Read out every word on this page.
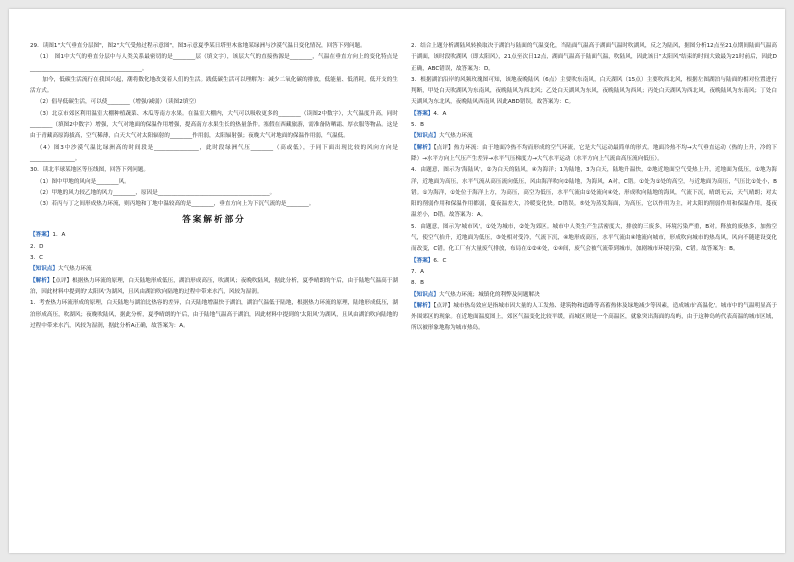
29．读图1"大气垂直分层图"，图2"大气受热过程示意图"，图3示意夏季某日塔里木盆地某绿洲与沙漠气温日变化情况，回答下列问题。

（1）　图1中大气的垂直分层中与人类关系最密切的是________层（填文字），该层大气的直接热源是________，气温在垂直方向上的变化特点是________________________________________。

　加今，低碳生活流行在我国兴起，潮将数化地改变着人们的生活。践低碳生活可以理解为：减少二氧化碳的排放，低能量、低消耗，低开支的生活方式。

（2）倡导低碳生活，可以使________（增强/减弱）（读图2填空）

（3）北京市郊区利用温室大棚种植蔬菜、木瓜等南方水果。在温室大棚内，大气可以吸收更多的________（读图2中数字），大气温度升高，同时________（填图2中数字）增强，大气对地面的保温作用增强，提高南方水果生长的热量条件。塞假在西藏旅游，需准备防晒霜、厚衣服等物品。这是由于青藏高原海拔高，空气稀薄，白天大气对太阳辐射的________作用弱，太阳辐射强；夜晚大气对地面的保温作用弱，气温低。

（4）图3中沙漠气温比绿洲高的时间段是________________，此时段绿洲气压________（高或低），于同下面出现比较的风向方向是________________。

30．读北半球某地区等压线图，回答下列问题。

（1）图中甲地的风向是________风。

（2）甲地的风力较乙地的风力________，原因是________________________________________。

（3）若丙与丁之间形成热力环流，则丙地和丁地中温较高的是________，垂直方向上为下沉气流的是________。

答案解析部分

【答案】1．A

2．D

3．C

【知识点】大气热力环流

【解析】【点评】根据热力环流的原理，白天陆地形成低压，湖泊形成高压，吹湖风；夜晚吹陆风，据此分析，夏季晴朗的午后，由于陆地气温高于湖泊，因此材料中提到的'太阳风'为湖风，且风由湖泊吹向陆地的过程中带来水汽，风较为湿润。

1．考查热力环流形成的原理，白天陆地与湖泊比热容的差异，白天陆地增温快于湖泊，湖泊气温低于陆地，根据热力环流的原理，陆地形成低压，湖泊形成高压，吹湖风；夜晚吹陆风，据此分析，夏季晴朗的午后，由于陆地气温高于湖泊，因此材料中提到的'太阳风'为湖风，且风由湖泊吹向陆地的过程中带来水汽，风较为湿润，据此分析A正确，故答案为：A。

2．结合上题分析湖陆风转换取决于湖泊与陆面的气温变化，当陆面气温高于湖面气温时吹湖风，反之为陆风，据图分析12点至21点期间陆面气温高于湖面，该时段吹湖风（即太阳风），21点至次日12点，湖面气温高于陆面气温，吹陆风，因此该日"太阳风"结束的时间大致最为21时前后，因此D正确，ABC错误，故答案为：D。

3．根据湖泊沿岸的风频玫瑰图可知，该地夜晚陆风（6点）主要吹东南风，白天湖风（15点）主要吹西北风，根据左图湖泊与陆面的相对位置进行判断，甲处白天吹湖风为东南风，夜晚陆风为西北风；乙处白天湖风为东风，夜晚陆风为西风；丙处白天湖风为西北风，夜晚陆风为东南风；丁处白天湖风为东北风，夜晚陆风西南风 因此ABD错误，故答案为：C。

【答案】4．A

5．B

【知识点】大气热力环流

【解析】【点评】热力环流：由于地面冷热不均而形成的空气环流，它是大气运动最简单的形式。地面冷热不均→大气垂直运动（热的上升，冷的下降）→水平方向上气压产生差异→水平气压梯度力→大气水平运动（水平方向上气流由高压流向低压）。

4．由题意，图示为'海陆风'，②为白天的陆风，④为海洋；1为陆地，3为白天，陆地升温快，②地近地面空气受热上升，近地面为低压，①地为海洋，近地面为高压，水平气流从高压流向低压，风由海洋吹向②陆地，为海风，A对，C错。①处为①处的高空，与近地面为高压，气压比①处小，B错。①为海洋，①处位于海洋上方，为高压，高空为低压，水平气流由①处流向④处，形成吹向陆地的海风，气流下沉，晴朗无云，天气晴朗；对太阳的削弱作用和保温作用都弱，蔓夜温差大，冷暖变化快。D错误。⑤处为蒸发海面，为高压，它以作用为主，对太阳的削弱作用和保温作用，蔓夜温差小，D错。故答案为：A。

5．由题意，图示为'城市风'，①处为城市，②处为郊区。城市中人类生产生活密度大，排放的三废多，环境污染严重，B对。释放的废热多，加热空气，使空气抬升，近地面为低压，③处相对受冷，气流下沉，④地形成高压，水平气流由④地流向城市，形成吹向城市的热岛风，风向不随建设变化而改变，C错。化工厂有大量废气排放，布局在①②④处，①④间，废气会被气流带到城市，加剧城市环境污染，C错。故答案为：B。

【答案】6．C

7．A

8．B

【知识点】大气热力环流；城镇化的利弊及问题解决

【解析】【点评】城市热岛效应是指城市因大量的人工发热、建筑物和道路等高蓄热体及绿地减少等因素，造成城市'高温化'。城市中的气温明显高于外围郊区的现象。在近地面温度图上，郊区气温变化比较平缓，而城区则是一个高温区，就象突出海面的岛屿，由于这种岛屿代表高温的城市区域，所以被形象地称为城市热岛。
